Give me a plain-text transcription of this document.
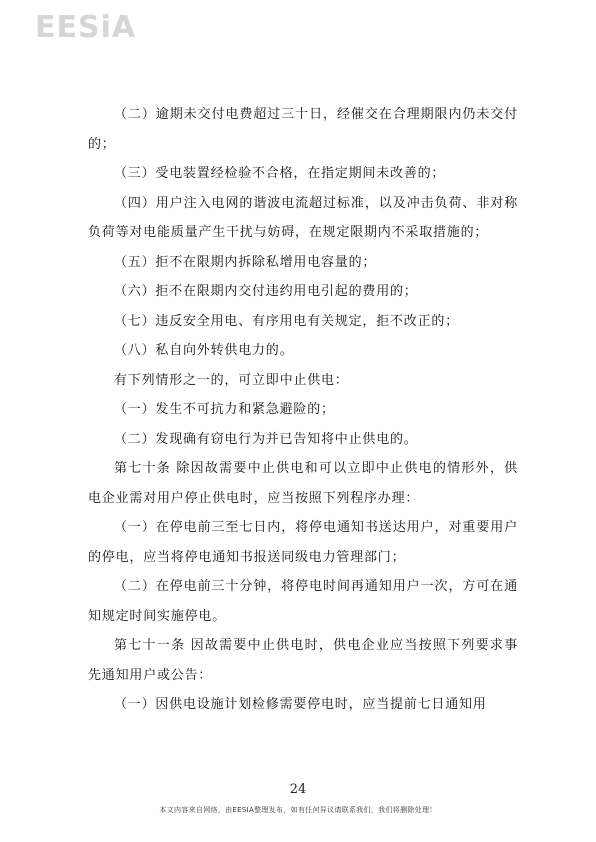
EESiA

（二）逾期未交付电费超过三十日，经催交在合理期限内仍未交付的；

（三）受电装置经检验不合格，在指定期间未改善的；

（四）用户注入电网的谐波电流超过标准，以及冲击负荷、非对称负荷等对电能质量产生干扰与妨碍，在规定限期内不采取措施的；

（五）拒不在限期内拆除私增用电容量的；

（六）拒不在限期内交付违约用电引起的费用的；

（七）违反安全用电、有序用电有关规定，拒不改正的；

（八）私自向外转供电力的。

有下列情形之一的，可立即中止供电：

（一）发生不可抗力和紧急避险的；

（二）发现确有窃电行为并已告知将中止供电的。

第七十条 除因故需要中止供电和可以立即中止供电的情形外，供电企业需对用户停止供电时，应当按照下列程序办理：

（一）在停电前三至七日内，将停电通知书送达用户，对重要用户的停电，应当将停电通知书报送同级电力管理部门；

（二）在停电前三十分钟，将停电时间再通知用户一次，方可在通知规定时间实施停电。

第七十一条 因故需要中止供电时，供电企业应当按照下列要求事先通知用户或公告：

（一）因供电设施计划检修需要停电时，应当提前七日通知用

24
本文内容来自网络，由EESIA整理发布，如有任何异议请联系我们，我们将删除处理！
